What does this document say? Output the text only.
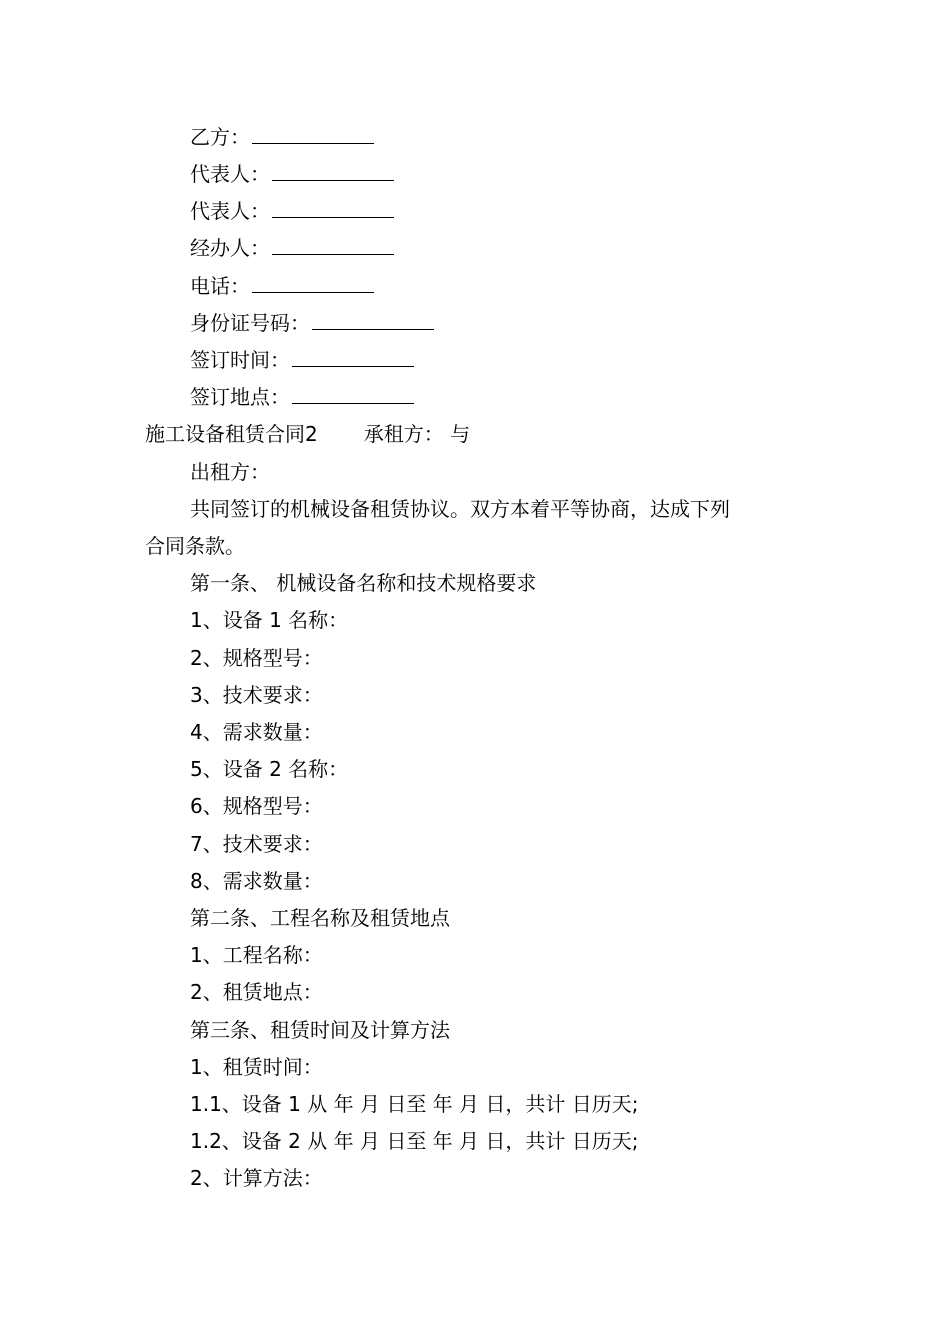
乙方：
代表人：
代表人：
经办人：
电话：
身份证号码：
签订时间：
签订地点：
施工设备租赁合同2 承租方： 与
出租方：
共同签订的机械设备租赁协议。双方本着平等协商，达成下列
合同条款。
第一条、 机械设备名称和技术规格要求
1、设备 1 名称：
2、规格型号：
3、技术要求：
4、需求数量：
5、设备 2 名称：
6、规格型号：
7、技术要求：
8、需求数量：
第二条、工程名称及租赁地点
1、工程名称：
2、租赁地点：
第三条、租赁时间及计算方法
1、租赁时间：
1.1、设备 1 从 年 月 日至 年 月 日，共计 日历天;
1.2、设备 2 从 年 月 日至 年 月 日，共计 日历天;
2、计算方法：
